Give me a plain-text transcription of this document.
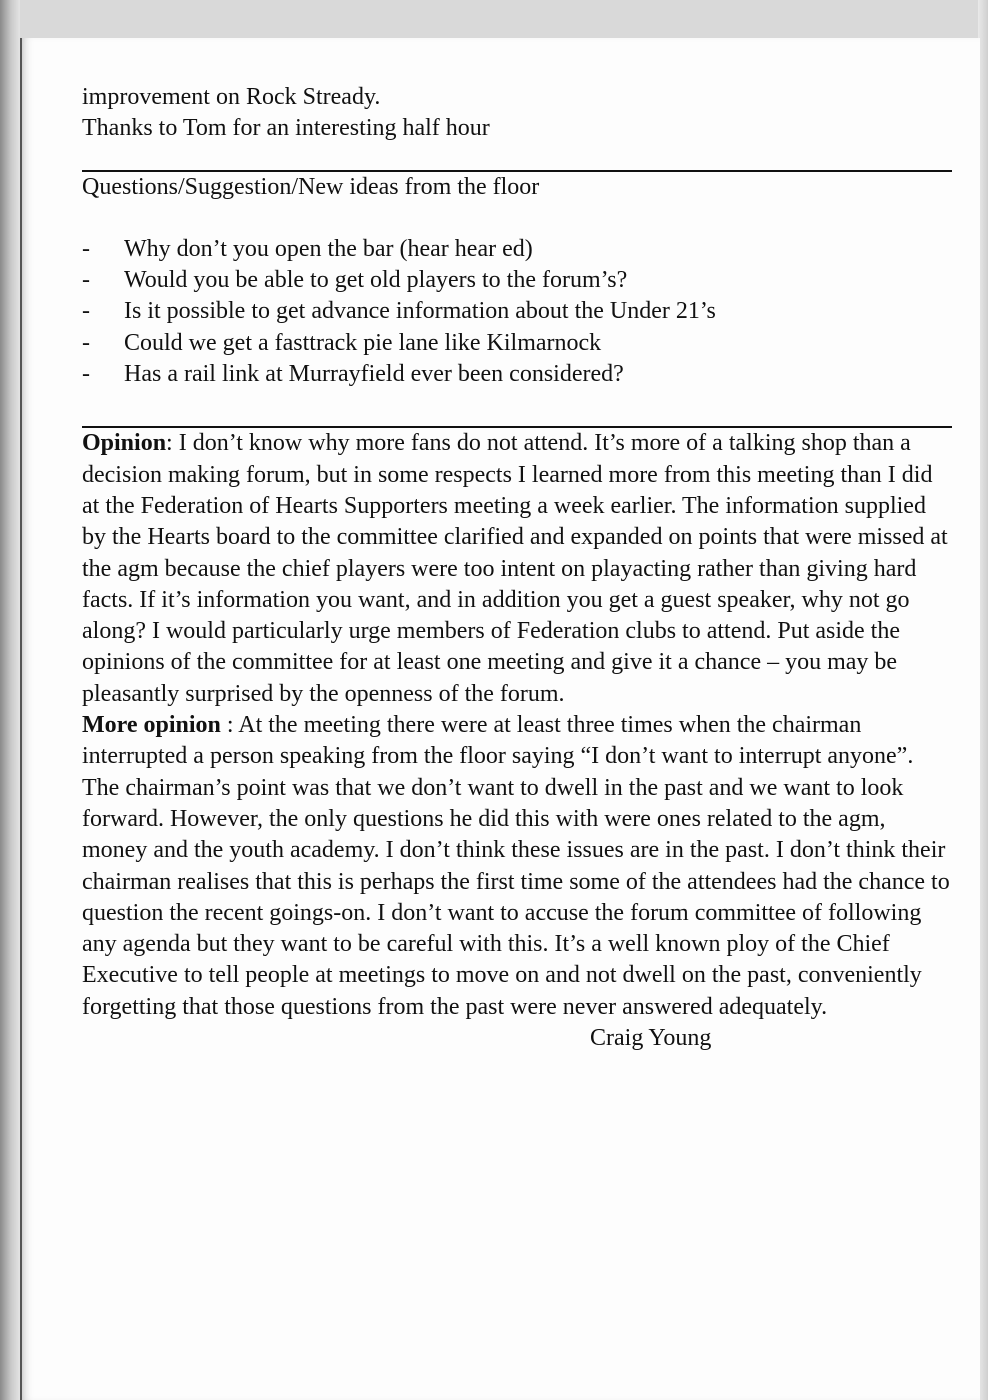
improvement on Rock Stready.

Thanks to Tom for an interesting half hour

Questions/Suggestion/New ideas from the floor

- Why don’t you open the bar (hear hear ed)
- Would you be able to get old players to the forum’s?
- Is it possible to get advance information about the Under 21’s
- Could we get a fasttrack pie lane like Kilmarnock
- Has a rail link at Murrayfield ever been considered?

Opinion: I don’t know why more fans do not attend. It’s more of a talking shop than a decision making forum, but in some respects I learned more from this meeting than I did at the Federation of Hearts Supporters meeting a week earlier. The information supplied by the Hearts board to the committee clarified and expanded on points that were missed at the agm because the chief players were too intent on playacting rather than giving hard facts. If it’s information you want, and in addition you get a guest speaker, why not go along? I would particularly urge members of Federation clubs to attend. Put aside the opinions of the committee for at least one meeting and give it a chance – you may be pleasantly surprised by the openness of the forum.

More opinion : At the meeting there were at least three times when the chairman interrupted a person speaking from the floor saying “I don’t want to interrupt anyone”. The chairman’s point was that we don’t want to dwell in the past and we want to look forward. However, the only questions he did this with were ones related to the agm, money and the youth academy. I don’t think these issues are in the past. I don’t think their chairman realises that this is perhaps the first time some of the attendees had the chance to question the recent goings-on. I don’t want to accuse the forum committee of following any agenda but they want to be careful with this. It’s a well known ploy of the Chief Executive to tell people at meetings to move on and not dwell on the past, conveniently forgetting that those questions from the past were never answered adequately.

Craig Young
